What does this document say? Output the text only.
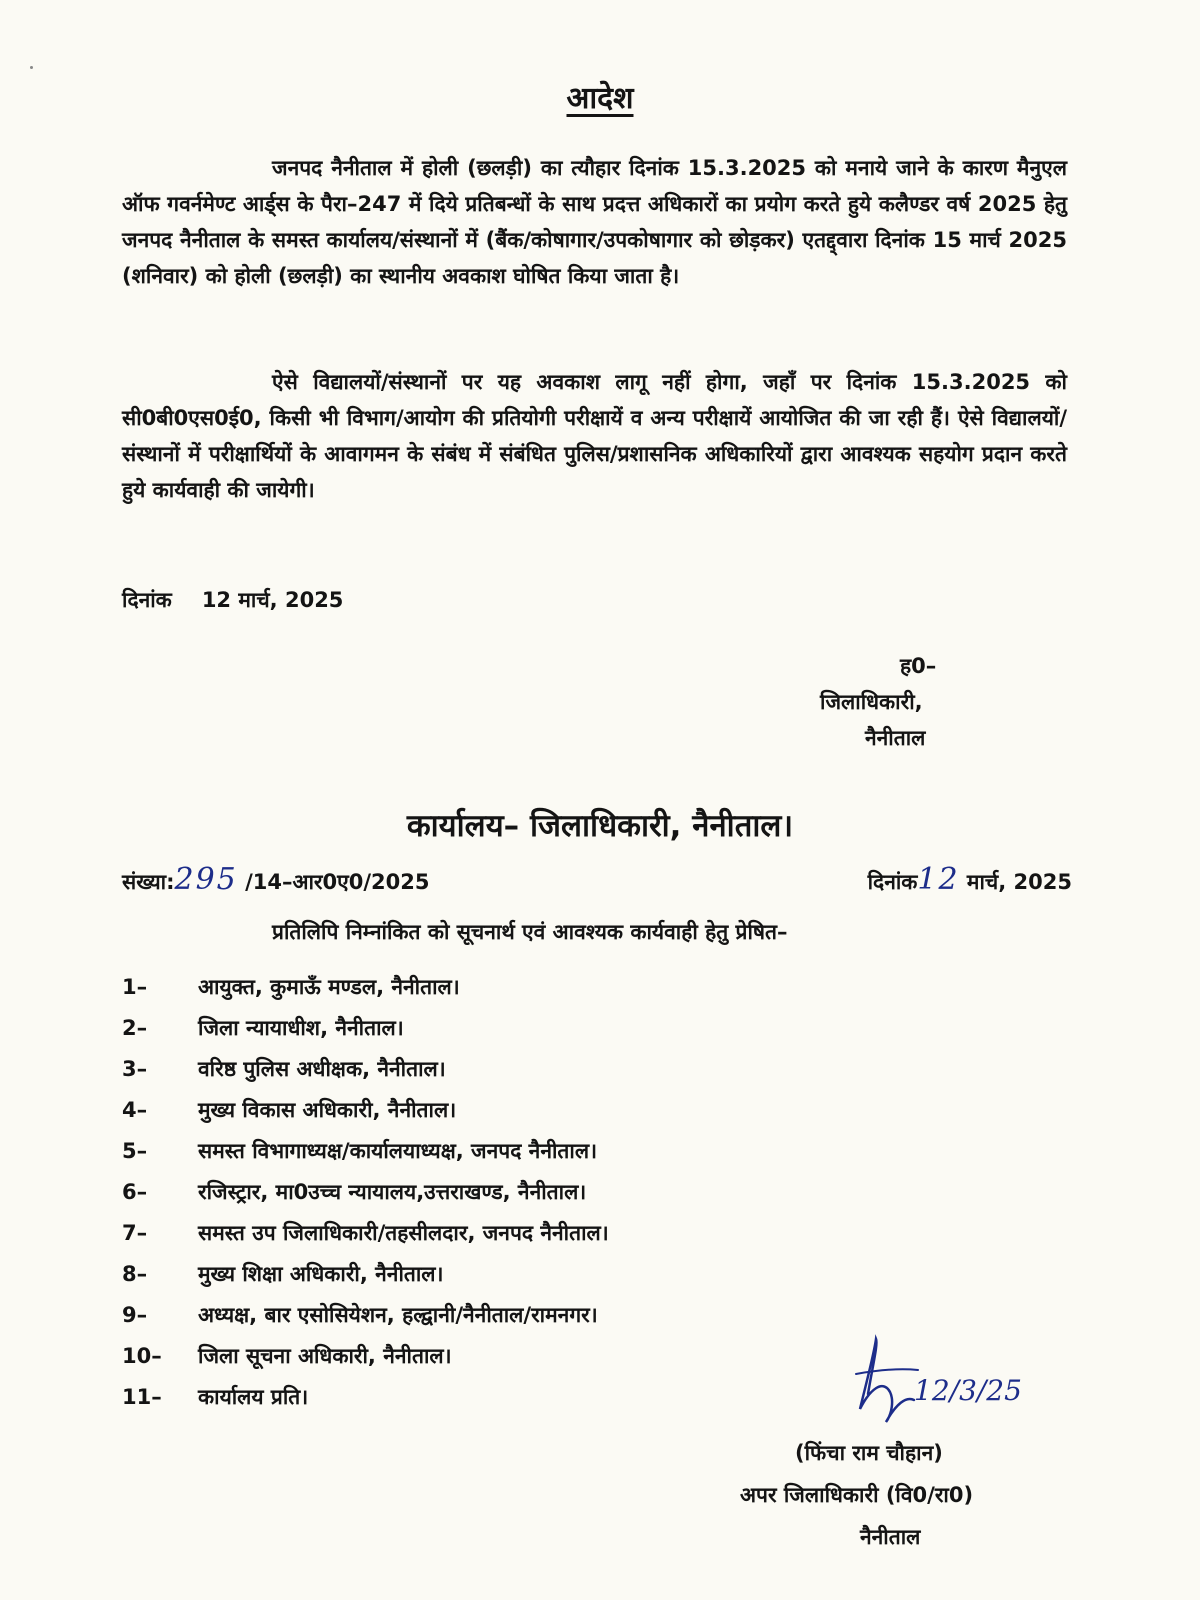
आदेश
जनपद नैनीताल में होली (छलड़ी) का त्यौहार दिनांक 15.3.2025 को मनाये जाने के कारण मैनुएल ऑफ गवर्नमेण्ट आर्ड्स के पैरा–247 में दिये प्रतिबन्धों के साथ प्रदत्त अधिकारों का प्रयोग करते हुये कलैण्डर वर्ष 2025 हेतु जनपद नैनीताल के समस्त कार्यालय/संस्थानों में (बैंक/कोषागार/उपकोषागार को छोड़कर) एतद्द्वारा दिनांक 15 मार्च 2025 (शनिवार) को होली (छलड़ी) का स्थानीय अवकाश घोषित किया जाता है।
ऐसे विद्यालयों/संस्थानों पर यह अवकाश लागू नहीं होगा, जहाँ पर दिनांक 15.3.2025 को सी0बी0एस0ई0, किसी भी विभाग/आयोग की प्रतियोगी परीक्षायें व अन्य परीक्षायें आयोजित की जा रही हैं। ऐसे विद्यालयों/संस्थानों में परीक्षार्थियों के आवागमन के संबंध में संबंधित पुलिस/प्रशासनिक अधिकारियों द्वारा आवश्यक सहयोग प्रदान करते हुये कार्यवाही की जायेगी।
दिनांक 12 मार्च, 2025
ह0–
जिलाधिकारी,
नैनीताल
कार्यालय– जिलाधिकारी, नैनीताल।
संख्या:295 /14–आर0ए0/2025	दिनांक12 मार्च, 2025
प्रतिलिपि निम्नांकित को सूचनार्थ एवं आवश्यक कार्यवाही हेतु प्रेषित–
1–	आयुक्त, कुमाऊँ मण्डल, नैनीताल।
2–	जिला न्यायाधीश, नैनीताल।
3–	वरिष्ठ पुलिस अधीक्षक, नैनीताल।
4–	मुख्य विकास अधिकारी, नैनीताल।
5–	समस्त विभागाध्यक्ष/कार्यालयाध्यक्ष, जनपद नैनीताल।
6–	रजिस्ट्रार, मा0उच्च न्यायालय,उत्तराखण्ड, नैनीताल।
7–	समस्त उप जिलाधिकारी/तहसीलदार, जनपद नैनीताल।
8–	मुख्य शिक्षा अधिकारी, नैनीताल।
9–	अध्यक्ष, बार एसोसियेशन, हल्द्वानी/नैनीताल/रामनगर।
10–	जिला सूचना अधिकारी, नैनीताल।
11–	कार्यालय प्रति।	12/3/25
(फिंचा राम चौहान)
अपर जिलाधिकारी (वि0/रा0)
नैनीताल
